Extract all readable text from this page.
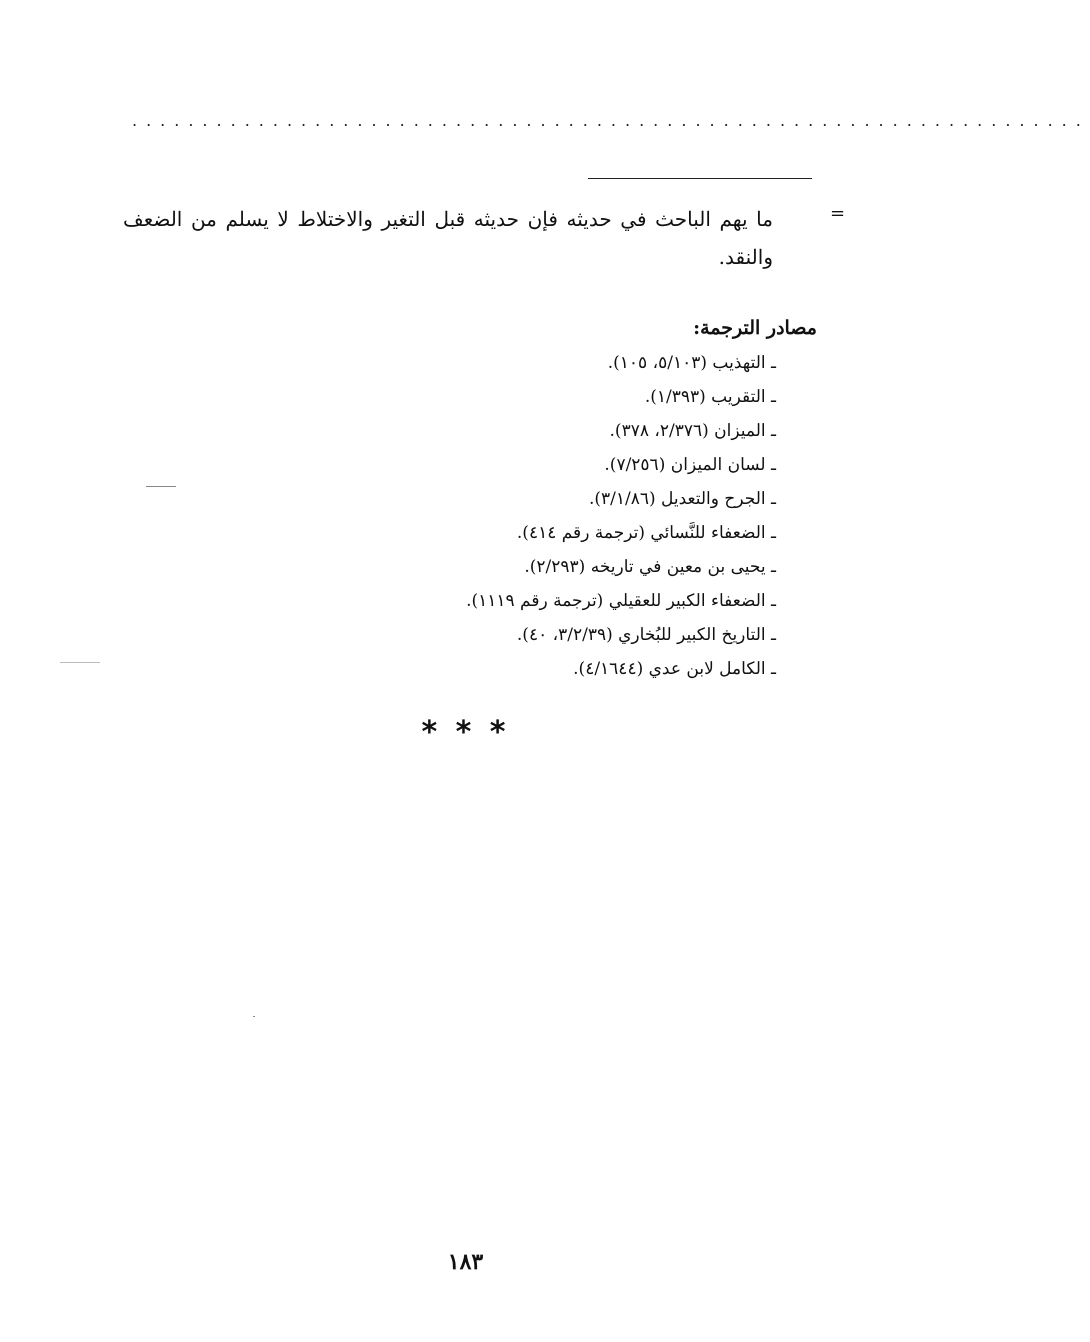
....................................................................
=
ما يهم الباحث في حديثه فإن حديثه قبل التغير والاختلاط لا يسلم من الضعف والنقد.
مصادر الترجمة:
ـ التهذيب (٥/١٠٣، ١٠٥).
ـ التقريب (١/٣٩٣).
ـ الميزان (٢/٣٧٦، ٣٧٨).
ـ لسان الميزان (٧/٢٥٦).
ـ الجرح والتعديل (٣/١/٨٦).
ـ الضعفاء للنَّسائي (ترجمة رقم ٤١٤).
ـ يحيى بن معين في تاريخه (٢/٢٩٣).
ـ الضعفاء الكبير للعقيلي (ترجمة رقم ١١١٩).
ـ التاريخ الكبير للبُخاري (٣/٢/٣٩، ٤٠).
ـ الكامل لابن عدي (٤/١٦٤٤).
* * *
١٨٣
